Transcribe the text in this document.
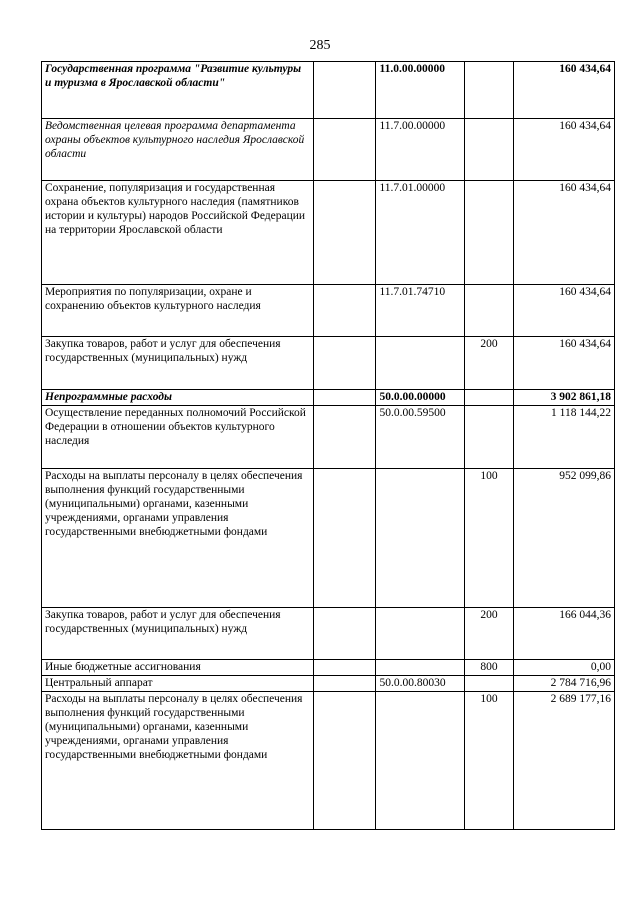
285
Государственная программа "Развитие культуры и туризма в Ярославской области"		11.0.00.00000		160 434,64
Ведомственная целевая программа департамента охраны объектов культурного наследия Ярославской области		11.7.00.00000		160 434,64
Сохранение, популяризация и государственная охрана объектов культурного наследия (памятников истории и культуры) народов Российской Федерации на территории Ярославской области		11.7.01.00000		160 434,64
Мероприятия по популяризации, охране и сохранению объектов культурного наследия		11.7.01.74710		160 434,64
Закупка товаров, работ и услуг для обеспечения государственных (муниципальных) нужд			200	160 434,64
Непрограммные расходы		50.0.00.00000		3 902 861,18
Осуществление переданных полномочий Российской Федерации в отношении объектов культурного наследия		50.0.00.59500		1 118 144,22
Расходы на выплаты персоналу в целях обеспечения выполнения функций государственными (муниципальными) органами, казенными учреждениями, органами управления государственными внебюджетными фондами			100	952 099,86
Закупка товаров, работ и услуг для обеспечения государственных (муниципальных) нужд			200	166 044,36
Иные бюджетные ассигнования			800	0,00
Центральный аппарат		50.0.00.80030		2 784 716,96
Расходы на выплаты персоналу в целях обеспечения выполнения функций государственными (муниципальными) органами, казенными учреждениями, органами управления государственными внебюджетными фондами			100	2 689 177,16
